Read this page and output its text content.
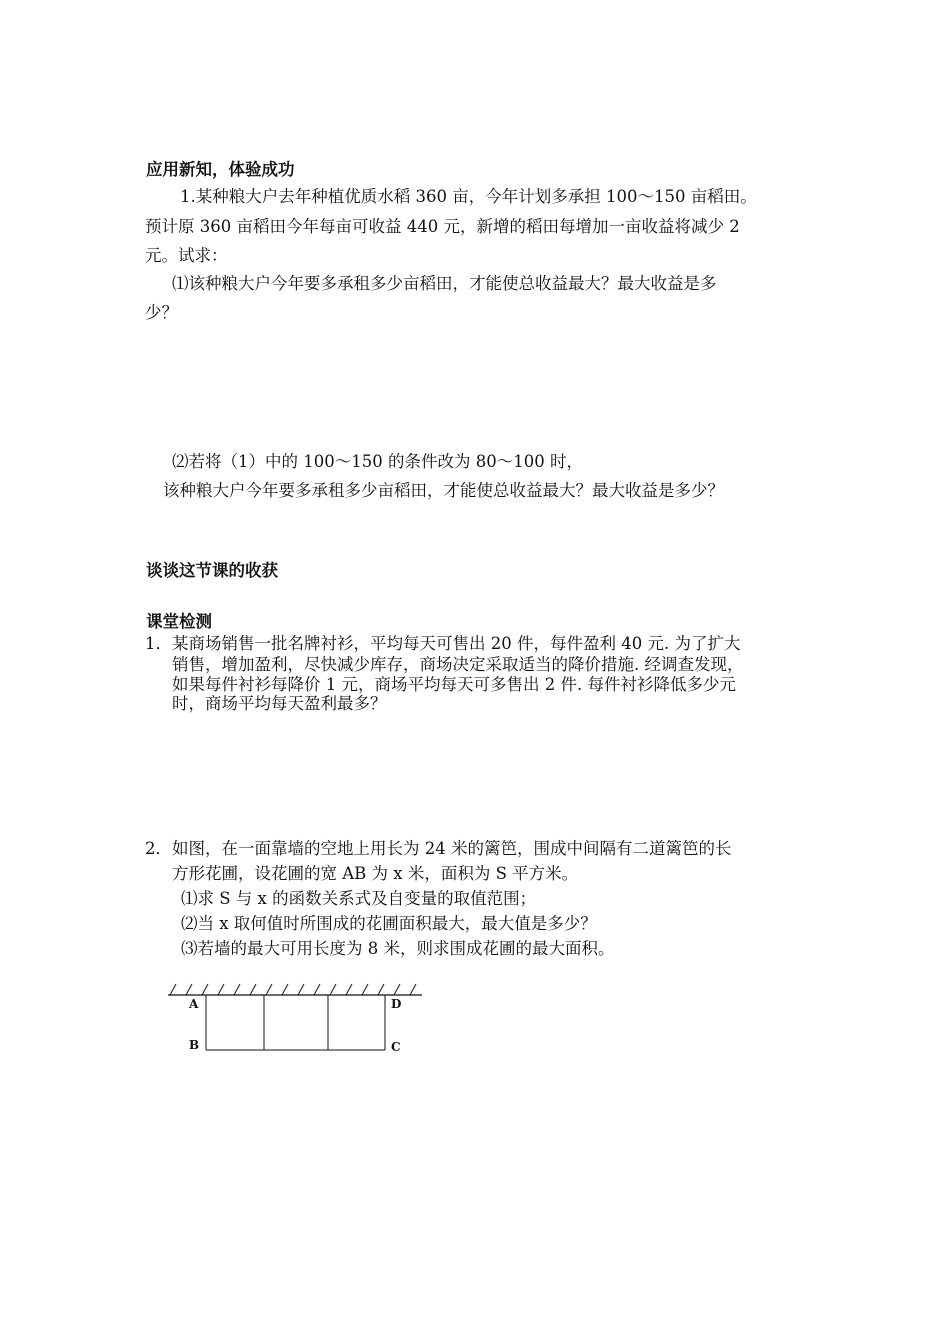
应用新知，体验成功
1.某种粮大户去年种植优质水稻 360 亩，今年计划多承担 100～150 亩稻田。
预计原 360 亩稻田今年每亩可收益 440 元，新增的稻田每增加一亩收益将减少 2
元。试求：
⑴该种粮大户今年要多承租多少亩稻田，才能使总收益最大？最大收益是多
少？
⑵若将（1）中的 100～150 的条件改为 80～100 时，
该种粮大户今年要多承租多少亩稻田，才能使总收益最大？最大收益是多少？
谈谈这节课的收获
课堂检测
1．某商场销售一批名牌衬衫，平均每天可售出 20 件，每件盈利 40 元. 为了扩大
销售，增加盈利，尽快减少库存，商场决定采取适当的降价措施. 经调查发现，
如果每件衬衫每降价 1 元，商场平均每天可多售出 2 件. 每件衬衫降低多少元
时，商场平均每天盈利最多？
2．如图，在一面靠墙的空地上用长为 24 米的篱笆，围成中间隔有二道篱笆的长
方形花圃，设花圃的宽 AB 为 x 米，面积为 S 平方米。
⑴求 S 与 x 的函数关系式及自变量的取值范围；
⑵当 x 取何值时所围成的花圃面积最大，最大值是多少？
⑶若墙的最大可用长度为 8 米，则求围成花圃的最大面积。
A
B
D
C
